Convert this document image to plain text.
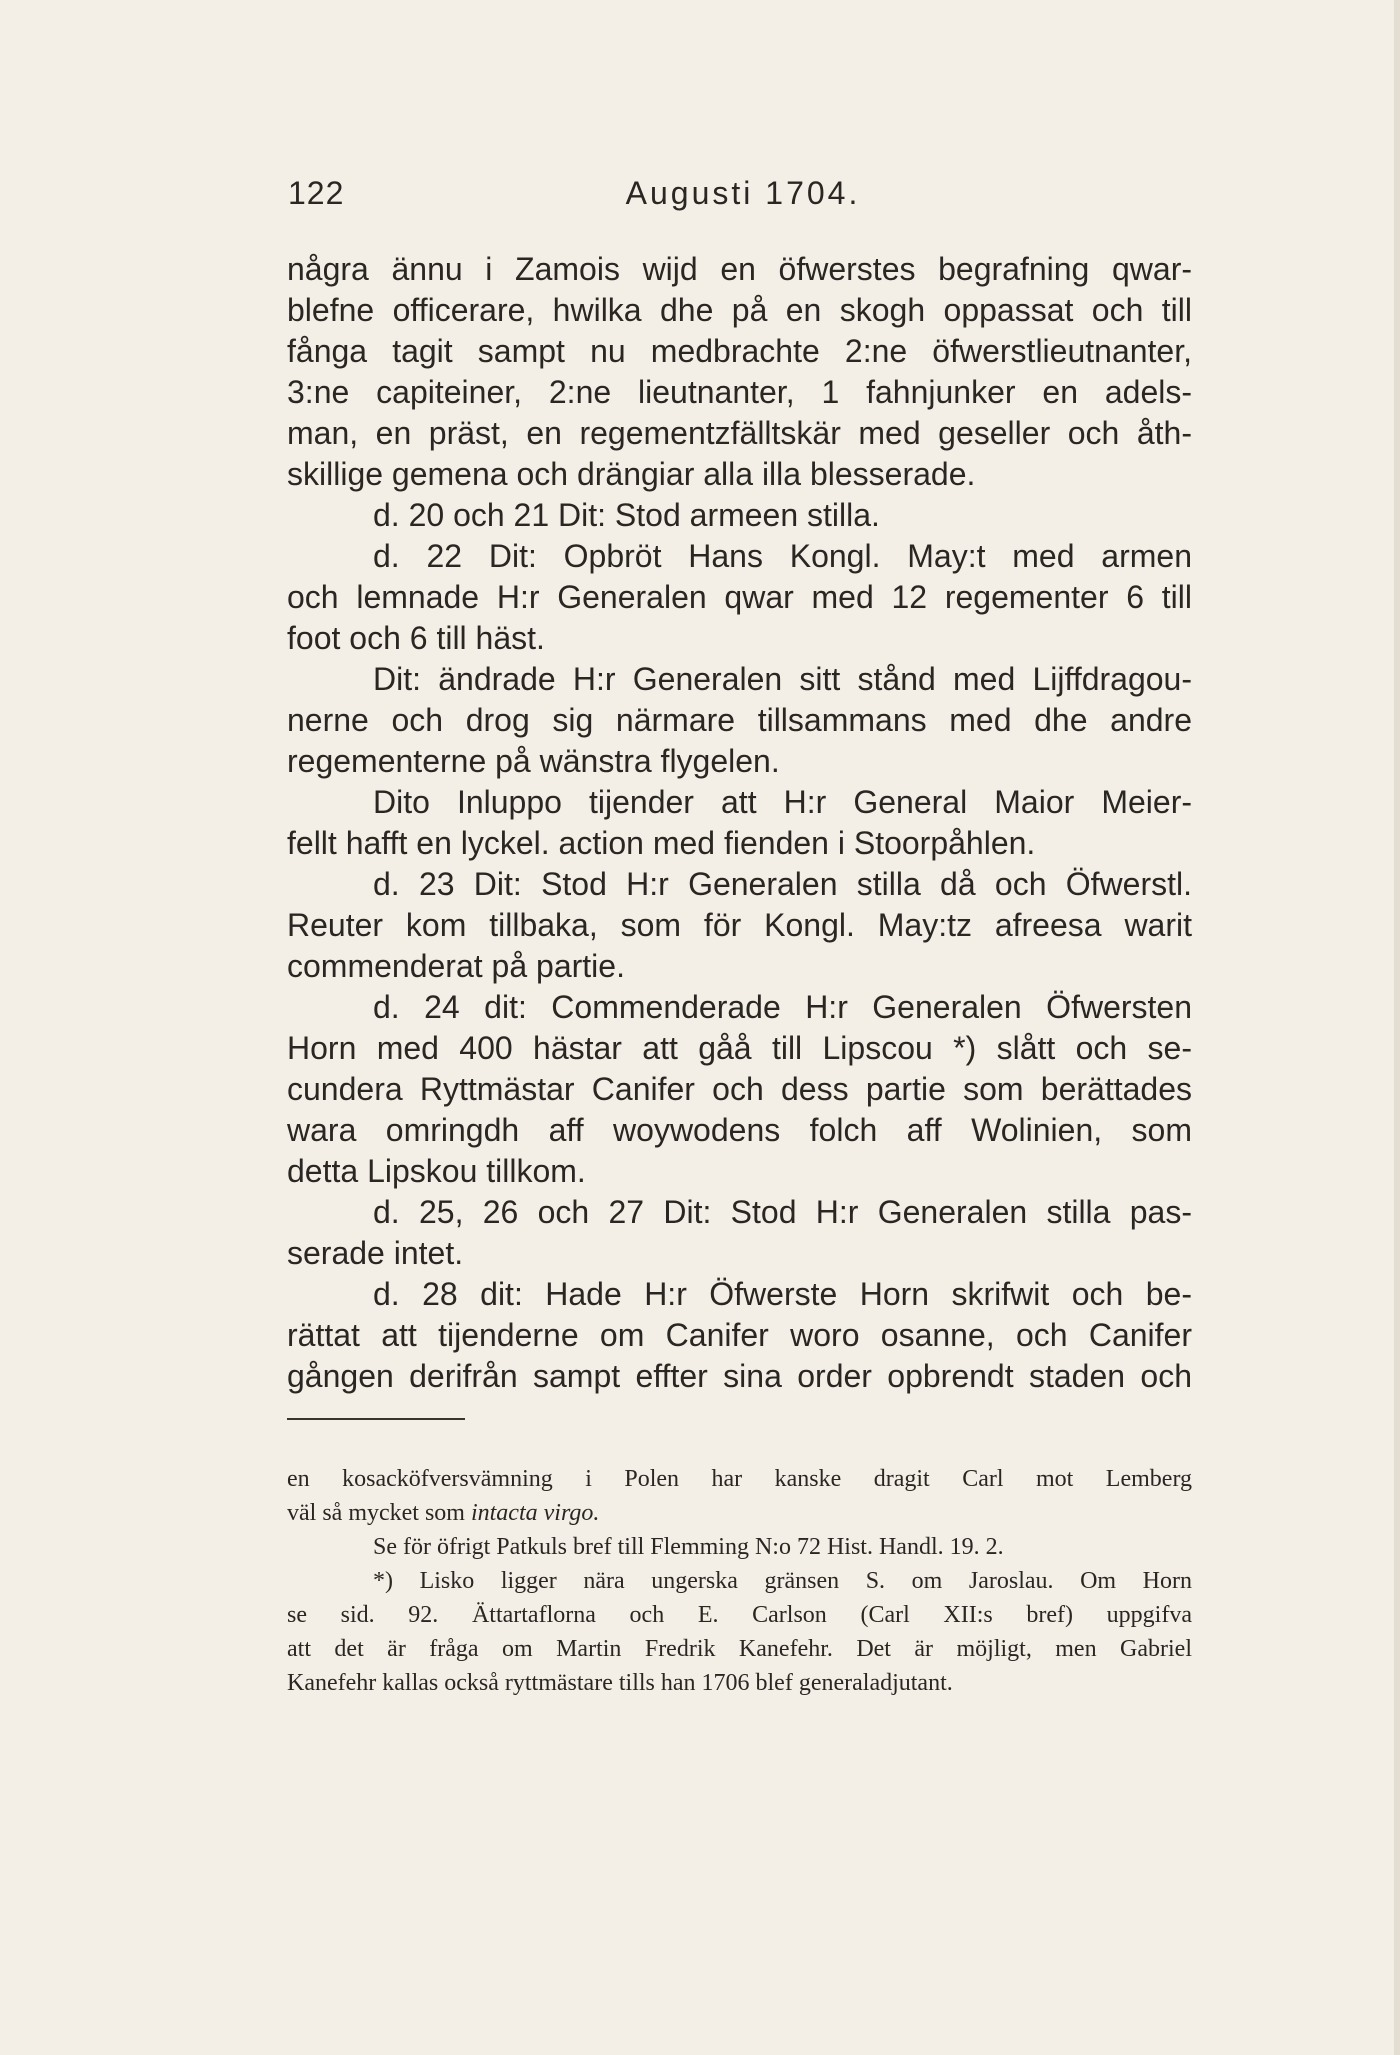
122	Augusti 1704.
några ännu i Zamois wijd en öfwerstes begrafning qwar-
blefne officerare, hwilka dhe på en skogh oppassat och till
fånga tagit sampt nu medbrachte 2:ne öfwerstlieutnanter,
3:ne capiteiner, 2:ne lieutnanter, 1 fahnjunker en adels-
man, en präst, en regementzfälltskär med geseller och åth-
skillige gemena och drängiar alla illa blesserade.
d. 20 och 21 Dit: Stod armeen stilla.
d. 22 Dit: Opbröt Hans Kongl. May:t med armen
och lemnade H:r Generalen qwar med 12 regementer 6 till
foot och 6 till häst.
Dit: ändrade H:r Generalen sitt stånd med Lijffdragou-
nerne och drog sig närmare tillsammans med dhe andre
regementerne på wänstra flygelen.
Dito Inluppo tijender att H:r General Maior Meier-
fellt hafft en lyckel. action med fienden i Stoorpåhlen.
d. 23 Dit: Stod H:r Generalen stilla då och Öfwerstl.
Reuter kom tillbaka, som för Kongl. May:tz afreesa warit
commenderat på partie.
d. 24 dit: Commenderade H:r Generalen Öfwersten
Horn med 400 hästar att gåå till Lipscou *) slått och se-
cundera Ryttmästar Canifer och dess partie som berättades
wara omringdh aff woywodens folch aff Wolinien, som
detta Lipskou tillkom.
d. 25, 26 och 27 Dit: Stod H:r Generalen stilla pas-
serade intet.
d. 28 dit: Hade H:r Öfwerste Horn skrifwit och be-
rättat att tijenderne om Canifer woro osanne, och Canifer
gången derifrån sampt effter sina order opbrendt staden och
en kosacköfversvämning i Polen har kanske dragit Carl mot Lemberg
väl så mycket som intacta virgo.
Se för öfrigt Patkuls bref till Flemming N:o 72 Hist. Handl. 19. 2.
*) Lisko ligger nära ungerska gränsen S. om Jaroslau. Om Horn
se sid. 92. Ättartaflorna och E. Carlson (Carl XII:s bref) uppgifva
att det är fråga om Martin Fredrik Kanefehr. Det är möjligt, men Gabriel
Kanefehr kallas också ryttmästare tills han 1706 blef generaladjutant.
